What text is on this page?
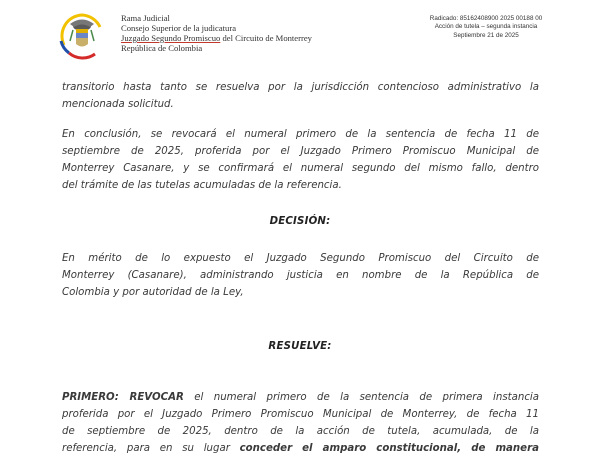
Rama Judicial
Consejo Superior de la judicatura
Juzgado Segundo Promiscuo del Circuito de Monterrey
República de Colombia
Radicado: 85162408900 2025 00188 00
Acción de tutela – segunda instancia
Septiembre 21 de 2025
transitorio hasta tanto se resuelva por la jurisdicción contencioso administrativo la
mencionada solicitud.
En conclusión, se revocará el numeral primero de la sentencia de fecha 11 de
septiembre de 2025, proferida por el Juzgado Primero Promiscuo Municipal de
Monterrey Casanare, y se confirmará el numeral segundo del mismo fallo, dentro
del trámite de las tutelas acumuladas de la referencia.
DECISIÓN:
En mérito de lo expuesto el Juzgado Segundo Promiscuo del Circuito de
Monterrey (Casanare), administrando justicia en nombre de la República de
Colombia y por autoridad de la Ley,
RESUELVE:
PRIMERO: REVOCAR el numeral primero de la sentencia de primera instancia
proferida por el Juzgado Primero Promiscuo Municipal de Monterrey, de fecha 11
de septiembre de 2025, dentro de la acción de tutela, acumulada, de la
referencia, para en su lugar conceder el amparo constitucional, de manera
